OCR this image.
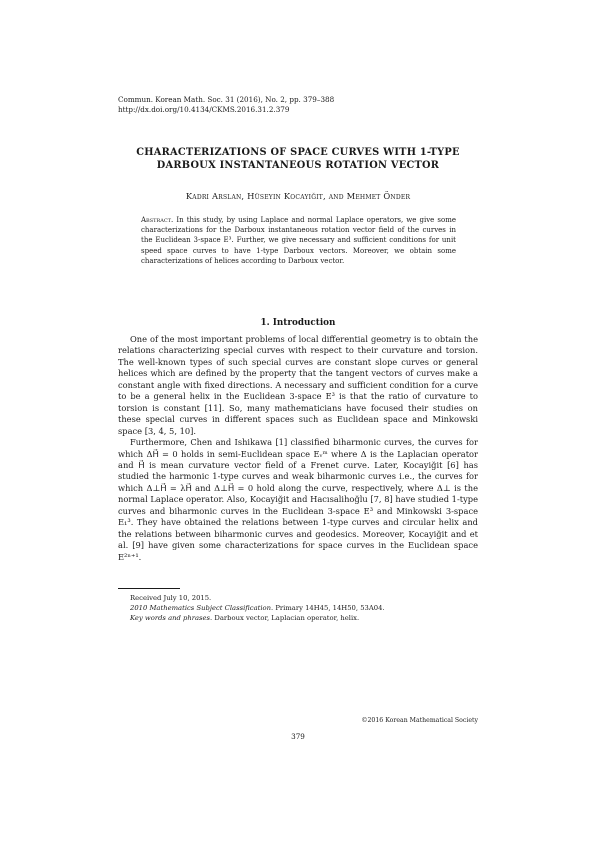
Commun. Korean Math. Soc. 31 (2016), No. 2, pp. 379–388
http://dx.doi.org/10.4134/CKMS.2016.31.2.379
CHARACTERIZATIONS OF SPACE CURVES WITH 1-TYPE
DARBOUX INSTANTANEOUS ROTATION VECTOR
Kadri Arslan, Hüseyin Kocayiğit, and Mehmet Önder
Abstract. In this study, by using Laplace and normal Laplace operators, we give some characterizations for the Darboux instantaneous rotation vector field of the curves in the Euclidean 3-space E³. Further, we give necessary and sufficient conditions for unit speed space curves to have 1-type Darboux vectors. Moreover, we obtain some characterizations of helices according to Darboux vector.
1. Introduction

One of the most important problems of local differential geometry is to obtain the relations characterizing special curves with respect to their curvature and torsion. The well-known types of such special curves are constant slope curves or general helices which are defined by the property that the tangent vectors of curves make a constant angle with fixed directions. A necessary and sufficient condition for a curve to be a general helix in the Euclidean 3-space E³ is that the ratio of curvature to torsion is constant [11]. So, many mathematicians have focused their studies on these special curves in different spaces such as Euclidean space and Minkowski space [3, 4, 5, 10].

Furthermore, Chen and Ishikawa [1] classified biharmonic curves, the curves for which ΔH⃗ = 0 holds in semi-Euclidean space Eᵥᵐ where Δ is the Laplacian operator and H⃗ is mean curvature vector field of a Frenet curve. Later, Kocayiğit [6] has studied the harmonic 1-type curves and weak biharmonic curves i.e., the curves for which Δ⊥H⃗ = λH⃗ and Δ⊥H⃗ = 0 hold along the curve, respectively, where Δ⊥ is the normal Laplace operator. Also, Kocayiğit and Hacısalihoğlu [7, 8] have studied 1-type curves and biharmonic curves in the Euclidean 3-space E³ and Minkowski 3-space E₁³. They have obtained the relations between 1-type curves and circular helix and the relations between biharmonic curves and geodesics. Moreover, Kocayiğit and et al. [9] have given some characterizations for space curves in the Euclidean space E²ⁿ⁺¹.

Received July 10, 2015.
2010 Mathematics Subject Classification. Primary 14H45, 14H50, 53A04.
Key words and phrases. Darboux vector, Laplacian operator, helix.
©2016 Korean Mathematical Society
379
